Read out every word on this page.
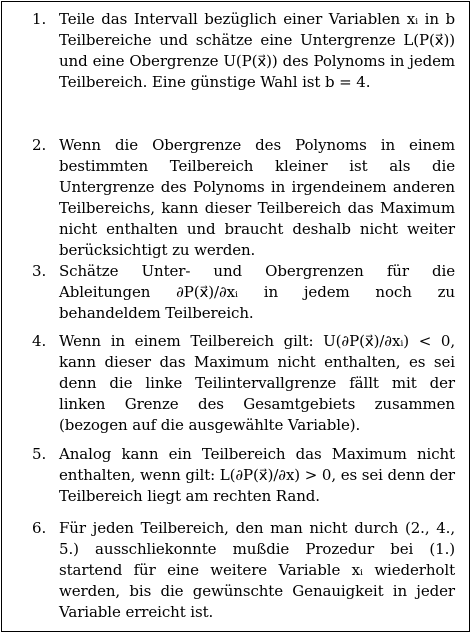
1. Teile das Intervall bezüglich einer Variablen xᵢ in b Teilbereiche und schätze eine Untergrenze L(P(x⃗)) und eine Obergrenze U(P(x⃗)) des Polynoms in jedem Teilbereich. Eine günstige Wahl ist b = 4.
2. Wenn die Obergrenze des Polynoms in einem bestimmten Teilbereich kleiner ist als die Untergrenze des Polynoms in irgendeinem anderen Teilbereichs, kann dieser Teilbereich das Maximum nicht enthalten und braucht deshalb nicht weiter berücksichtigt zu werden.
3. Schätze Unter- und Obergrenzen für die Ableitungen ∂P(x⃗)/∂xᵢ in jedem noch zu behandeldem Teilbereich.
4. Wenn in einem Teilbereich gilt: U(∂P(x⃗)/∂xᵢ) < 0, kann dieser das Maximum nicht enthalten, es sei denn die linke Teilintervallgrenze fällt mit der linken Grenze des Gesamtgebiets zusammen (bezogen auf die ausgewählte Variable).
5. Analog kann ein Teilbereich das Maximum nicht enthalten, wenn gilt: L(∂P(x⃗)/∂x) > 0, es sei denn der Teilbereich liegt am rechten Rand.
6. Für jeden Teilbereich, den man nicht durch (2., 4., 5.) ausschliekonnte mußdie Prozedur bei (1.) startend für eine weitere Variable xᵢ wiederholt werden, bis die gewünschte Genauigkeit in jeder Variable erreicht ist.
